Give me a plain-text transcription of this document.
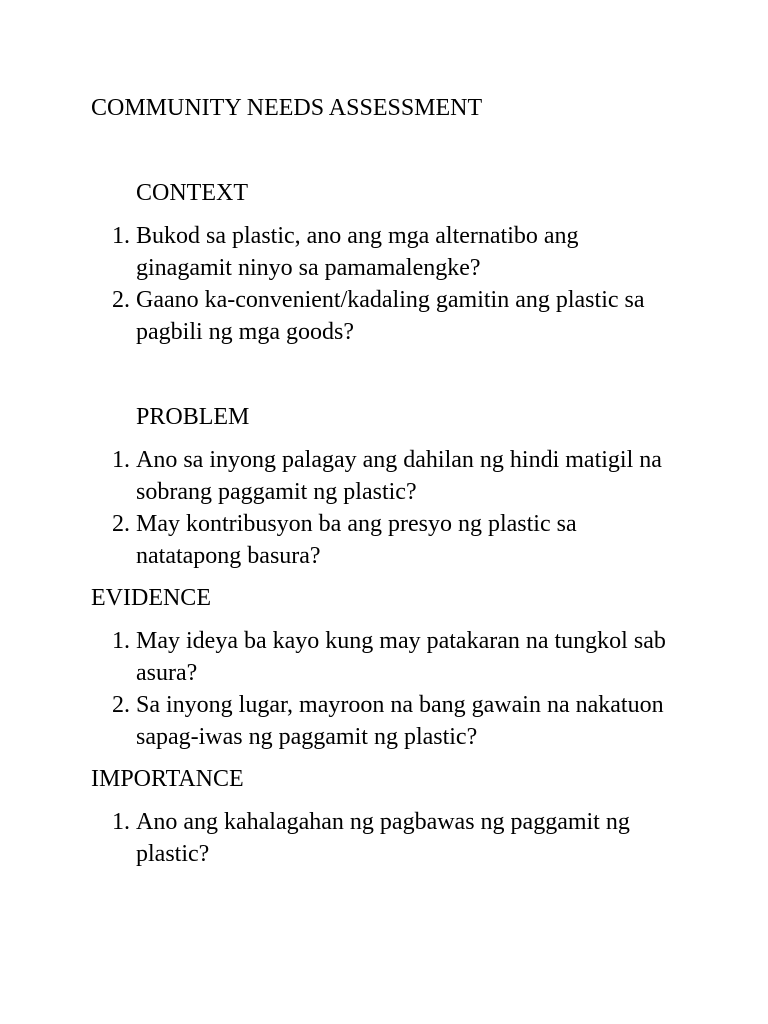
COMMUNITY NEEDS ASSESSMENT
CONTEXT
1. Bukod sa plastic, ano ang mga alternatibo ang ginagamit ninyo sa pamamalengke?
2. Gaano ka-convenient/kadaling gamitin ang plastic sa pagbili ng mga goods?
PROBLEM
1. Ano sa inyong palagay ang dahilan ng hindi matigil na sobrang paggamit ng plastic?
2. May kontribusyon ba ang presyo ng plastic sa natatapong basura?
EVIDENCE
1. May ideya ba kayo kung may patakaran na tungkol sab asura?
2. Sa inyong lugar, mayroon na bang gawain na nakatuon sapag-iwas ng paggamit ng plastic?
IMPORTANCE
1. Ano ang kahalagahan ng pagbawas ng paggamit ng plastic?
